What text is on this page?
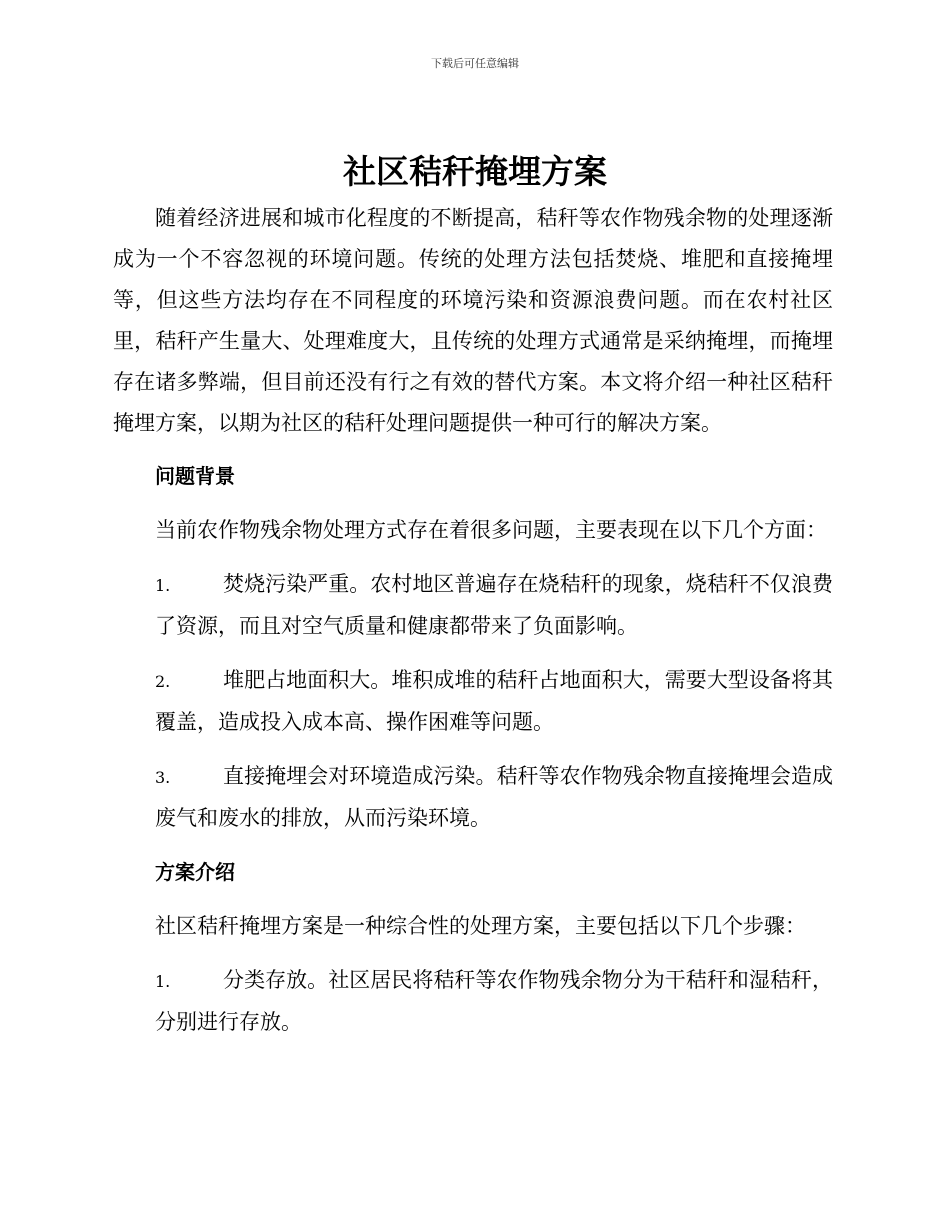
下载后可任意编辑
社区秸秆掩埋方案

随着经济进展和城市化程度的不断提高，秸秆等农作物残余物的处理逐渐成为一个不容忽视的环境问题。传统的处理方法包括焚烧、堆肥和直接掩埋等，但这些方法均存在不同程度的环境污染和资源浪费问题。而在农村社区里，秸秆产生量大、处理难度大，且传统的处理方式通常是采纳掩埋，而掩埋存在诸多弊端，但目前还没有行之有效的替代方案。本文将介绍一种社区秸秆掩埋方案，以期为社区的秸秆处理问题提供一种可行的解决方案。

问题背景

当前农作物残余物处理方式存在着很多问题，主要表现在以下几个方面：

1.	焚烧污染严重。农村地区普遍存在烧秸秆的现象，烧秸秆不仅浪费了资源，而且对空气质量和健康都带来了负面影响。

2.	堆肥占地面积大。堆积成堆的秸秆占地面积大，需要大型设备将其覆盖，造成投入成本高、操作困难等问题。

3.	直接掩埋会对环境造成污染。秸秆等农作物残余物直接掩埋会造成废气和废水的排放，从而污染环境。

方案介绍

社区秸秆掩埋方案是一种综合性的处理方案，主要包括以下几个步骤：

1.	分类存放。社区居民将秸秆等农作物残余物分为干秸秆和湿秸秆，分别进行存放。
